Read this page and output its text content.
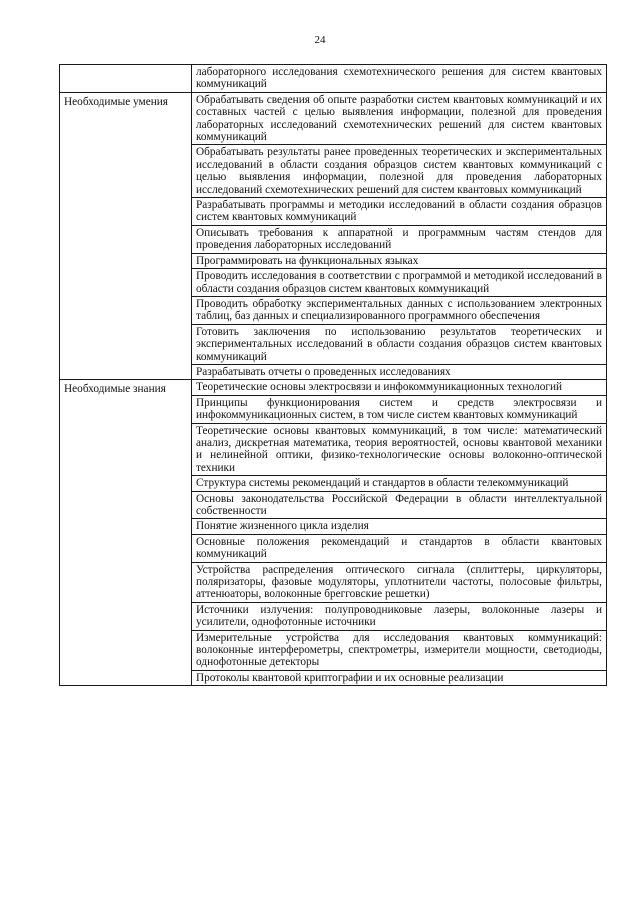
24
	лабораторного исследования схемотехнического решения для систем квантовых коммуникаций
Необходимые умения	Обрабатывать сведения об опыте разработки систем квантовых коммуникаций и их составных частей с целью выявления информации, полезной для проведения лабораторных исследований схемотехнических решений для систем квантовых коммуникаций
	Обрабатывать результаты ранее проведенных теоретических и экспериментальных исследований в области создания образцов систем квантовых коммуникаций с целью выявления информации, полезной для проведения лабораторных исследований схемотехнических решений для систем квантовых коммуникаций
	Разрабатывать программы и методики исследований в области создания образцов систем квантовых коммуникаций
	Описывать требования к аппаратной и программным частям стендов для проведения лабораторных исследований
	Программировать на функциональных языках
	Проводить исследования в соответствии с программой и методикой исследований в области создания образцов систем квантовых коммуникаций
	Проводить обработку экспериментальных данных с использованием электронных таблиц, баз данных и специализированного программного обеспечения
	Готовить заключения по использованию результатов теоретических и экспериментальных исследований в области создания образцов систем квантовых коммуникаций
	Разрабатывать отчеты о проведенных исследованиях
Необходимые знания	Теоретические основы электросвязи и инфокоммуникационных технологий
	Принципы функционирования систем и средств электросвязи и инфокоммуникационных систем, в том числе систем квантовых коммуникаций
	Теоретические основы квантовых коммуникаций, в том числе: математический анализ, дискретная математика, теория вероятностей, основы квантовой механики и нелинейной оптики, физико-технологические основы волоконно-оптической техники
	Структура системы рекомендаций и стандартов в области телекоммуникаций
	Основы законодательства Российской Федерации в области интеллектуальной собственности
	Понятие жизненного цикла изделия
	Основные положения рекомендаций и стандартов в области квантовых коммуникаций
	Устройства распределения оптического сигнала (сплиттеры, циркуляторы, поляризаторы, фазовые модуляторы, уплотнители частоты, полосовые фильтры, аттенюаторы, волоконные брегговские решетки)
	Источники излучения: полупроводниковые лазеры, волоконные лазеры и усилители, однофотонные источники
	Измерительные устройства для исследования квантовых коммуникаций: волоконные интерферометры, спектрометры, измерители мощности, светодиоды, однофотонные детекторы
	Протоколы квантовой криптографии и их основные реализации
